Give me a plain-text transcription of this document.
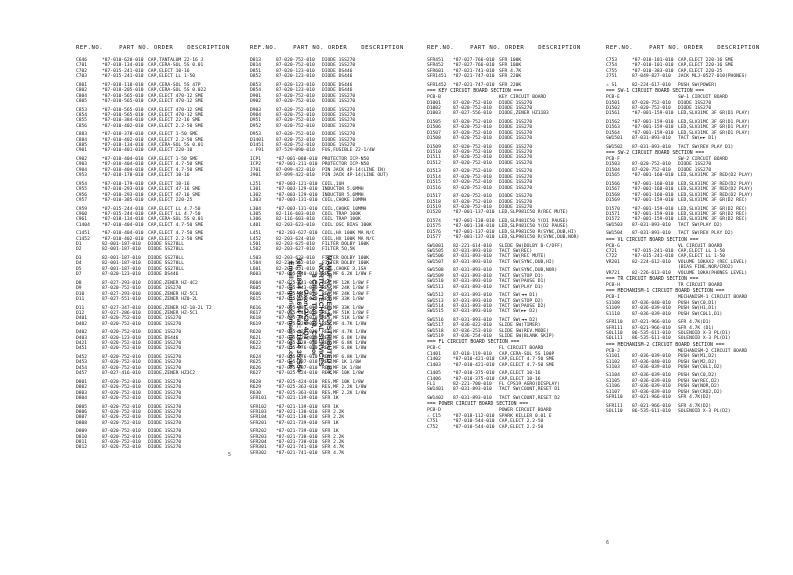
REF.NO.	PART NO. ORDER	DESCRIPTION	REF.NO.	PART NO. ORDER	DESCRIPTION	REF.NO.	PART NO. ORDER	DESCRIPTION	REF.NO.	PART NO. ORDER	DESCRIPTION
C646	*87-010-620-010 CAP,TANTALUM 22-16 J
C701	*87-018-134-010 CAP,CERA-SOL 5S 0.01
C702	*87-015-241-010 CAP,ELECT 10-16
C703	*87-015-241-010 CAP,ELECT LL 1-50
C801	*87-018-118-010 CAP,CERA-SOL 5S 47P
C802	*87-018-205-010 CAP,CERA-SOL 5S 0.022
C804	*87-010-565-010 CAP,ELECT 470-12 SME
C805	*87-010-565-010 CAP,ELECT 470-12 SME
C853	*87-010-565-010 CAP,ELECT 470-12 SME
C854	*87-010-565-010 CAP,ELECT 470-12 SME
C855	*87-010-384-010 CAP,ELECT 22-16 SME
C856	*87-010-402-010 CAP,ELECT 2.2-50 SME
C883	*87-010-378-010 CAP,ELECT 1-50 SME
C884	*87-010-402-010 CAP,ELECT 2.2-50 SME
C885	*87-018-134-010 CAP,CERA-SOL 5S 0.01
C901	*87-010-401-010 CAP,ELECT 220-10
C902	*87-010-404-010 CAP,ELECT 1-50 SME
C903	*87-010-404-010 CAP,ELECT 4.7-50 SME
C904	*87-010-404-010 CAP,ELECT 4.7-50 SME
C953	*87-010-178-010 CAP,ELECT 10-16
C954	*87-010-179-010 CAP,ELECT 10-16
C955	*87-010-293-010 CAP,ELECT 47-16 SME
C956	*87-010-293-010 CAP,ELECT 47-16 SME
C957	*87-010-385-010 CAP,ELECT 220-25
C959	*87-015-244-010 CAP,ELECT LL 4.7-50
C960	*87-015-244-010 CAP,ELECT LL 4.7-50
C961	*87-018-134-010 CAP,CERA-SOL 5S 0.01
C1404	*87-010-404-010 CAP,ELECT 4.7-50 SME
C1451	*87-010-404-010 CAP,ELECT 4.7-50 SME
C1452	*87-010-402-010 CAP,ELECT 2.2-50 SME
D1	82-001-187-010	DIODE SS278LL
D2	82-001-187-010	DIODE SS278LL
D3	82-001-187-010	DIODE SS278LL
D4	82-001-187-010	DIODE SS278LL
D5	87-001-187-010	DIODE SS278LL
D7	87-020-123-010	DIODE DS446
D8	87-027-293-010	DIODE,ZENER HZ-4C2
D9	87-020-752-010	DIODE 1SS270
D10	87-027-293-010	DIODE,ZENER HZ-5C1
D11	87-027-551-010	DIODE,ZENER HZ0-2L
D11	87-027-347-010	DIODE,ZENER HZ-18-2L T2
D12	87-027-286-010	DIODE,ZENER HZ-5C1
D401	87-020-752-010	DIODE 1SS270
D402	87-020-752-010	DIODE 1SS270
D402	87-020-752-010	DIODE 1SS270
D403	87-020-123-010	DIODE DS446
D421	87-020-752-010	DIODE 1SS270
D451	87-020-752-010	DIODE 1SS270
D452	87-020-752-010	DIODE 1SS270
D453	87-020-752-010	DIODE 1SS270
D454	87-020-752-010	DIODE 1SS270
D457	87-027-416-010	DIODE,ZENER HZ3C2
D801	87-020-752-010	DIODE 1SS270
D802	87-020-752-010	DIODE 1SS270
D803	87-020-752-010	DIODE 1SS270
D804	87-020-752-010	DIODE 1SS270
D805	87-020-752-010	DIODE 1SS270
D806	87-020-752-010	DIODE 1SS270
D807	87-020-752-010	DIODE 1SS270
D808	87-020-752-010	DIODE 1SS270
D809	87-020-752-010	DIODE 1SS270
D810	87-020-752-010	DIODE 1SS270
D811	87-020-752-010	DIODE 1SS270
D812	87-020-752-010	DIODE 1SS270
D813	87-020-752-010	DIODE 1SS270
D814	87-020-752-010	DIODE 1SS270
D851	87-020-123-010	DIODE DS446
D852	87-020-123-010	DIODE DS446
D853	87-020-123-010	DIODE DS446
D854	87-020-123-010	DIODE DS446
D901	87-020-752-010	DIODE 1SS270
D902	87-020-752-010	DIODE 1SS270
D903	87-020-752-010	DIODE 1SS270
D904	87-020-752-010	DIODE 1SS270
D951	87-020-752-010	DIODE 1SS270
D952	87-020-752-010	DIODE 1SS270
D953	87-020-752-010	DIODE 1SS270
D1401	87-020-752-010	DIODE 1SS270
D1451	87-020-752-010	DIODE 1SS270
⚠ F91	87-529-090-010	FUS,FUSIBLE 22-1/4W
ICP1	*87-001-088-010 PROTECTOR ICP-N50
ICP2	*87-001-211-010 PROTECTOR ICP-N50
J701	87-099-422-010	PIN JACK 4P-14(LINE IN)
J901	87-099-422-010	PIN JACK 4P-14(LINE OUT)
L251	*87-003-121-010 COIL,1UH
L301	*87-003-129-010 INDUCTOR 5.6MMH
L302	*87-003-129-010 INDUCTOR 5.6MMH
L303	*87-003-131-010 COIL,CHOKE 10MMH
L304	*87-003-131-010 COIL,CHOKE 10MMH
L305	82-116-603-010	COIL TRAP 100K
L306	82-116-603-010	COIL TRAP 100K
L401	82-203-623-010	COIL OSC BIAS 100K
L451	*82-203-627-010 COIL,HX 100K MA N/C
L452	82-203-624-010	COIL,HX 100K MA N/C
L501	82-203-625-010	FILTER DOLBY 100K
L502	82-203-627-010	FILTER 5Q,5K
L503	82-203-623-010	FILTER DOLBY 100K
L504	82-224-512-010	FILTER DOLBY 100K
L601	82-203-651-010	COIL,CHOKE 3.1SA
R603	*87-025-440-010 RES,MF 6.2K 1/8W F
R604	*87-025-441-010 RES,MF 12K 1/8W F
R605	*87-025-443-010 RES,MF 24K 1/8W F
R606	*87-025-443-010 RES,MF 24K 1/8W F
R615	*87-025-439-010 RES,MF 33K 1/8W
R616	*87-025-439-010 RES,MF 33K 1/8W
R617	*87-025-444-010 RES,MF 51K 1/8W F
R618	*87-025-444-010 RES,MF 51K 1/8W F
R619	*87-025-324-010 RES,MF 4.7K 1/8W
R620	*87-025-324-010 RES,MF 4.7K 1/8W
R621	*87-025-328-010 RES,MF 6.8K 1/8W
R622	*87-025-328-010 RES,MF 6.8K 1/8W
R623	*87-025-376-010 RES,MF 6.8K 1/8W
R624	*87-025-376-010 RES,MF 6.8K 1/8W
R625	*87-025-387-010 RES,MF 1K 1/8W
R626	*87-025-387-010 RES,MF 1K 1/8W
R627	*87-025-424-010 RES,MF 10K 1/8W
R628	*87-025-424-010 RES,MF 10K 1/8W
R629	*87-025-363-010 RES,MF 2.2K 1/8W
R630	*87-025-363-010 RES,MF 2.2K 1/8W
SFR101	*87-021-139-010 SFR 1K
SFR102	*87-021-139-010 SFR 1K
SFR103	*87-021-138-010 SFR 2.2K
SFR104	*87-021-138-010 SFR 2.2K
SFR201	*87-021-739-010 SFR 1K
SFR202	*87-021-739-010 SFR 1K
SFR203	*87-021-738-010 SFR 2.2K
SFR204	*87-021-738-010 SFR 2.2K
SFR301	*87-021-741-010 SFR 4.7K
SFR302	*87-021-741-010 SFR 4.7K
SFR451	*87-027-766-010 SFR 100K
SFR452	*87-027-766-010 SFR 100K
SFR601	*87-021-741-010 SFR 4.7K
SFR1451	*87-021-747-010 SFR 220K
SFR1452	*87-021-747-010 SFR 220K
=== KEY CIRCUIT BOARD SECTION ===
PCB-B	KEY CIRCUIT BOARD
D1001	87-020-752-010	DIODE 1SS270
D1002	87-020-752-010	DIODE 1SS270
D1003	87-027-556-010	DIODE,ZENER HZ11B3
D1505	87-020-752-010	DIODE 1SS270
D1506	87-020-752-010	DIODE 1SS270
D1507	87-020-752-010	DIODE 1SS270
D1508	87-020-752-010	DIODE 1SS270
D1509	87-020-752-010	DIODE 1SS270
D1510	87-020-752-010	DIODE 1SS270
D1511	87-020-752-010	DIODE 1SS270
D1512	87-020-752-010	DIODE 1SS270
D1513	87-020-752-010	DIODE 1SS270
D1514	87-020-752-010	DIODE 1SS270
D1515	87-020-752-010	DIODE 1SS270
D1516	87-020-752-010	DIODE 1SS270
D1517	87-020-752-010	DIODE 1SS270
D1518	87-020-752-010	DIODE 1SS270
D1519	87-020-752-010	DIODE 1SS270
D1520	*87-001-137-010 LED,SLP981C50 R(REC MUTE)
D1574	*87-001-138-010 LED,SLP481C50 Y(D1 PAUSE)
D1575	*87-001-138-010 LED,SLP481C50 Y(D2 PAUSE)
D1576	*87-001-137-010 LED,SLP981C50 R(SYNC,DUB,HI)
D1577	*87-001-137-010 LED,SLP981C50 R(SYNC,DUB,NOR)
SW1001	82-221-614-010	SLIDE SW(DOLBY B-C/OFF)
SW1505	87-031-893-010	TACT SW(REC)
SW1506	87-031-893-010	TACT SW(REC MUTE)
SW1507	87-031-893-010	TACT SW(SYNC,DUB,HI)
SW1508	87-031-893-010	TACT SW(SYNC,DUB,NOR)
SW1509	87-031-893-010	TACT SW(STOP D1)
SW1510	87-031-893-010	TACT SW(PAUSE D1)
SW1511	87-031-893-010	TACT SW(PLAY D1)
SW1512	87-031-893-010	TACT SW(◄◄ D1)
SW1513	87-031-893-010	TACT SW(STOP D2)
SW1514	87-031-893-010	TACT SW(PAUSE D2)
SW1515	87-031-893-010	TACT SW(►► D2)
SW1516	87-031-893-010	TACT SW(◄◄ D2)
SW1517	87-036-022-010	SLIDE SW(TIMER)
SW1518	87-036-253-010	SLIDE SW(REV.MODE)
SW1519	87-036-254-010	SLIDE SW(BLANK SKIP)
=== FL CIRCUIT BOARD SECTION ===
PCB-C	FL CIRCUIT BOARD
C1401	87-018-119-010	CAP,CERA-SOL 5S 100P
C1402	*87-010-421-010 CAP,ELECT 4.7-50 SME
C1403	*87-010-421-010 CAP,ELECT 4.7-50 SME
C1405	*87-010-375-010 CAP,ELECT 10-16
C1406	*87-010-375-010 CAP,ELECT 10-16
FL1	82-221-700-010	FL CPS19 AGRO(DISPLAY)
SW1401	87-031-893-010	TACT SW(COUNT,RESET D1
SW1402	87-031-893-010	TACT SW(COUNT,RESET D2
=== POWER CIRCUIT BOARD SECTION ===
PCB-D	POWER CIRCUIT BOARD
⚠ C15	*87-018-112-010 SPARK KILLER 0.01 E
C751	*87-010-544-010 CAP,ELECT 2.2-50
C752	*87-010-544-010 CAP,ELECT 2.2-50
C753	*87-010-101-010 CAP,ELECT 220-16 SME
C754	*87-010-101-010 CAP,ELECT 220-16 SME
C755	*87-010-383-010 CAP,ELECT 220-25
J751	87-049-827-010	JACK MLJ-0527-010(PHONES)
⚠ S1	82-224-617-010	PUSH SW(POWER)
=== SW-1 CIRCUIT BOARD SECTION ===
PCB-E	SW-1 CIRCUIT BOARD
D1501	87-020-752-010	DIODE 1SS270
D1502	87-020-752-010	DIODE 1SS270
D1561	*87-001-159-010 LED,SLV31MC 3F GR(D1 PLAY)
D1562	*87-001-159-010 LED,SLV31MC 3F GR(D1 PLAY)
D1563	*87-001-159-010 LED,SLV31MC 3F GR(D1 PLAY)
D1564	*87-001-159-010 LED,SLV31MC 3F GR(D1 PLAY)
SW1501	87-031-893-010	TACT SW(►► D1)
SW1502	87-031-893-010	TACT SW(REV PLAY D1)
=== SW-2 CIRCUIT BOARD SECTION ===
PCB-F	SW-2 CIRCUIT BOARD
D1503	87-020-752-010	DIODE 1SS270
D1504	87-020-752-010	DIODE 1SS270
D1565	*87-001-160-010 LED,SLV31MC 3F RED(D2 PLAY)
D1566	*87-001-160-010 LED,SLV31MC 3F RED(D2 PLAY)
D1567	*87-001-160-010 LED,SLV31MC 3F RED(D2 PLAY)
D1568	*87-001-160-010 LED,SLV31MC 3F RED(D2 PLAY)
D1569	*87-001-159-010 LED,SLV31MC 3F GR(D2 REC)
D1570	*87-001-159-010 LED,SLV31MC 3F GR(D2 REC)
D1571	*87-001-159-010 LED,SLV31MC 3F GR(D2 REC)
D1572	*87-001-159-010 LED,SLV31MC 3F GR(D2 REC)
SW1503	87-031-893-010	TACT SW(PLAY D2)
SW1504	87-031-893-010	TACT SW(REV PLAY D2)
=== VL CIRCUIT BOARD SECTION ===
PCB-G	VL CIRCUIT BOARD
C721	*87-015-241-010 CAP,ELECT LL 1-50
C722	*87-015-241-010 CAP,ELECT LL 1-50
VR201	82-224-612-010	VOLUME 10KAX2 (REC LEVEL)
(BIAS FINE,NOR/CRO2)
VR721	82-226-613-010	VOLUME 10KA(PHONES LEVEL)
=== TR CIRCUIT BOARD SECTION ===
PCB-H	TR CIRCUIT BOARD
=== MECHANISM-1 CIRCUIT BOARD SECTION ===
PCB-I	MECHANISM-1 CIRCUIT BOARD
S1108	87-036-040-010	PUSH SW(C0,D1)
S1109	87-036-039-010	PUSH SW(H1,D1)
S1110	87-036-039-010	PUSH SW(C0L1,D1)
SFR110	87-021-966-010	SFR 4.7K(D1)
SFR111	87-021-966-010	SFR 4.7K (D1)
SOL110	86-535-611-010	SOLENOID X-3 PL(D1)
SOL111	86-535-611-010	SOLENOID X-3 PL(D1)
=== MECHANISM-2 CIRCUIT BOARD SECTION ===
PCB-J	MECHANISM-2 CIRCUIT BOARD
S1101	87-036-039-010	PUSH SW(M1,D2)
S1102	87-036-040-010	PUSH SW(M2,D2)
S1103	87-036-039-010	PUSH SW(C0L1,D2)
S1104	87-036-039-010	PUSH SW(C0,D2)
S1105	87-036-039-010	PUSH SW(REC,D2)
S1106	87-036-039-010	PUSH SW(NOR,D2)
S1107	87-036-039-010	PUSH SW(CRO2,D2)
SFR110	87-021-966-010	SFR 4.7K(D2)
SFR111	87-021-966-010	SFR 4.7K(D2)
SOL110	86-535-611-010	SOLENOID X-3 PL(D2)
MANUFACTURED & DISTRIBUTED BY
NORTON TECHNICAL SERVICES
8 Cherry Tree Rd, Chinnor
Oxon OX39 4QY
Tel: 01844 351694 Fax: 01844 352554
Email: enquiries@mauritron.co.uk
5
6
